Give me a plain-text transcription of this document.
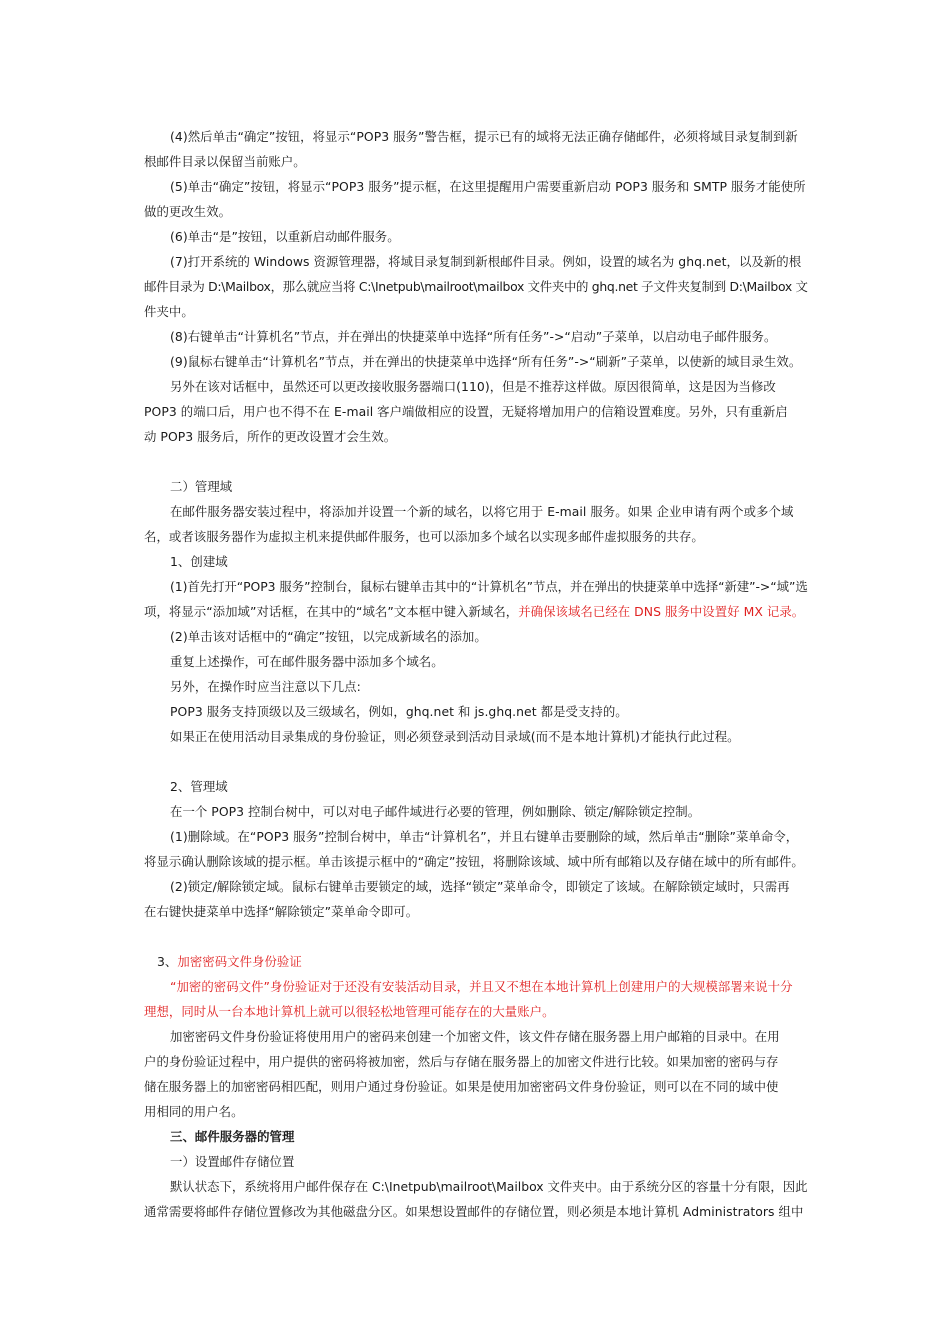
(4)然后单击“确定”按钮，将显示“POP3 服务”警告框，提示已有的域将无法正确存储邮件，必须将域目录复制到新
根邮件目录以保留当前账户。
(5)单击“确定”按钮，将显示“POP3 服务”提示框，在这里提醒用户需要重新启动 POP3 服务和 SMTP 服务才能使所
做的更改生效。
(6)单击“是”按钮，以重新启动邮件服务。
(7)打开系统的 Windows 资源管理器，将域目录复制到新根邮件目录。例如，设置的域名为 ghq.net，以及新的根
邮件目录为 D:\Mailbox，那么就应当将 C:\Inetpub\mailroot\mailbox 文件夹中的 ghq.net 子文件夹复制到 D:\Mailbox 文
件夹中。
(8)右键单击“计算机名”节点，并在弹出的快捷菜单中选择“所有任务”->“启动”子菜单，以启动电子邮件服务。
(9)鼠标右键单击“计算机名”节点，并在弹出的快捷菜单中选择“所有任务”->“刷新”子菜单，以使新的域目录生效。
另外在该对话框中，虽然还可以更改接收服务器端口(110)，但是不推荐这样做。原因很简单，这是因为当修改
POP3 的端口后，用户也不得不在 E-mail 客户端做相应的设置，无疑将增加用户的信箱设置难度。另外，只有重新启
动 POP3 服务后，所作的更改设置才会生效。
二）管理域
在邮件服务器安装过程中，将添加并设置一个新的域名，以将它用于 E-mail 服务。如果 企业申请有两个或多个域
名，或者该服务器作为虚拟主机来提供邮件服务，也可以添加多个域名以实现多邮件虚拟服务的共存。
1、创建域
(1)首先打开“POP3 服务”控制台，鼠标右键单击其中的“计算机名”节点，并在弹出的快捷菜单中选择“新建”->“域”选
项，将显示“添加域”对话框，在其中的“域名”文本框中键入新域名，并确保该域名已经在 DNS 服务中设置好 MX 记录。
(2)单击该对话框中的“确定”按钮，以完成新域名的添加。
重复上述操作，可在邮件服务器中添加多个域名。
另外，在操作时应当注意以下几点:
POP3 服务支持顶级以及三级域名，例如，ghq.net 和 js.ghq.net 都是受支持的。
如果正在使用活动目录集成的身份验证，则必须登录到活动目录域(而不是本地计算机)才能执行此过程。
2、管理域
在一个 POP3 控制台树中，可以对电子邮件域进行必要的管理，例如删除、锁定/解除锁定控制。
(1)删除域。在“POP3 服务”控制台树中，单击“计算机名”，并且右键单击要删除的域，然后单击“删除”菜单命令，
将显示确认删除该域的提示框。单击该提示框中的“确定”按钮，将删除该域、域中所有邮箱以及存储在域中的所有邮件。
(2)锁定/解除锁定域。鼠标右键单击要锁定的域，选择“锁定”菜单命令，即锁定了该域。在解除锁定域时，只需再
在右键快捷菜单中选择“解除锁定”菜单命令即可。
3、加密密码文件身份验证
“加密的密码文件”身份验证对于还没有安装活动目录，并且又不想在本地计算机上创建用户的大规模部署来说十分
理想，同时从一台本地计算机上就可以很轻松地管理可能存在的大量账户。
加密密码文件身份验证将使用用户的密码来创建一个加密文件，该文件存储在服务器上用户邮箱的目录中。在用
户的身份验证过程中，用户提供的密码将被加密，然后与存储在服务器上的加密文件进行比较。如果加密的密码与存
储在服务器上的加密密码相匹配，则用户通过身份验证。如果是使用加密密码文件身份验证，则可以在不同的域中使
用相同的用户名。
三、邮件服务器的管理
一）设置邮件存储位置
默认状态下，系统将用户邮件保存在 C:\Inetpub\mailroot\Mailbox 文件夹中。由于系统分区的容量十分有限，因此
通常需要将邮件存储位置修改为其他磁盘分区。如果想设置邮件的存储位置，则必须是本地计算机 Administrators 组中
